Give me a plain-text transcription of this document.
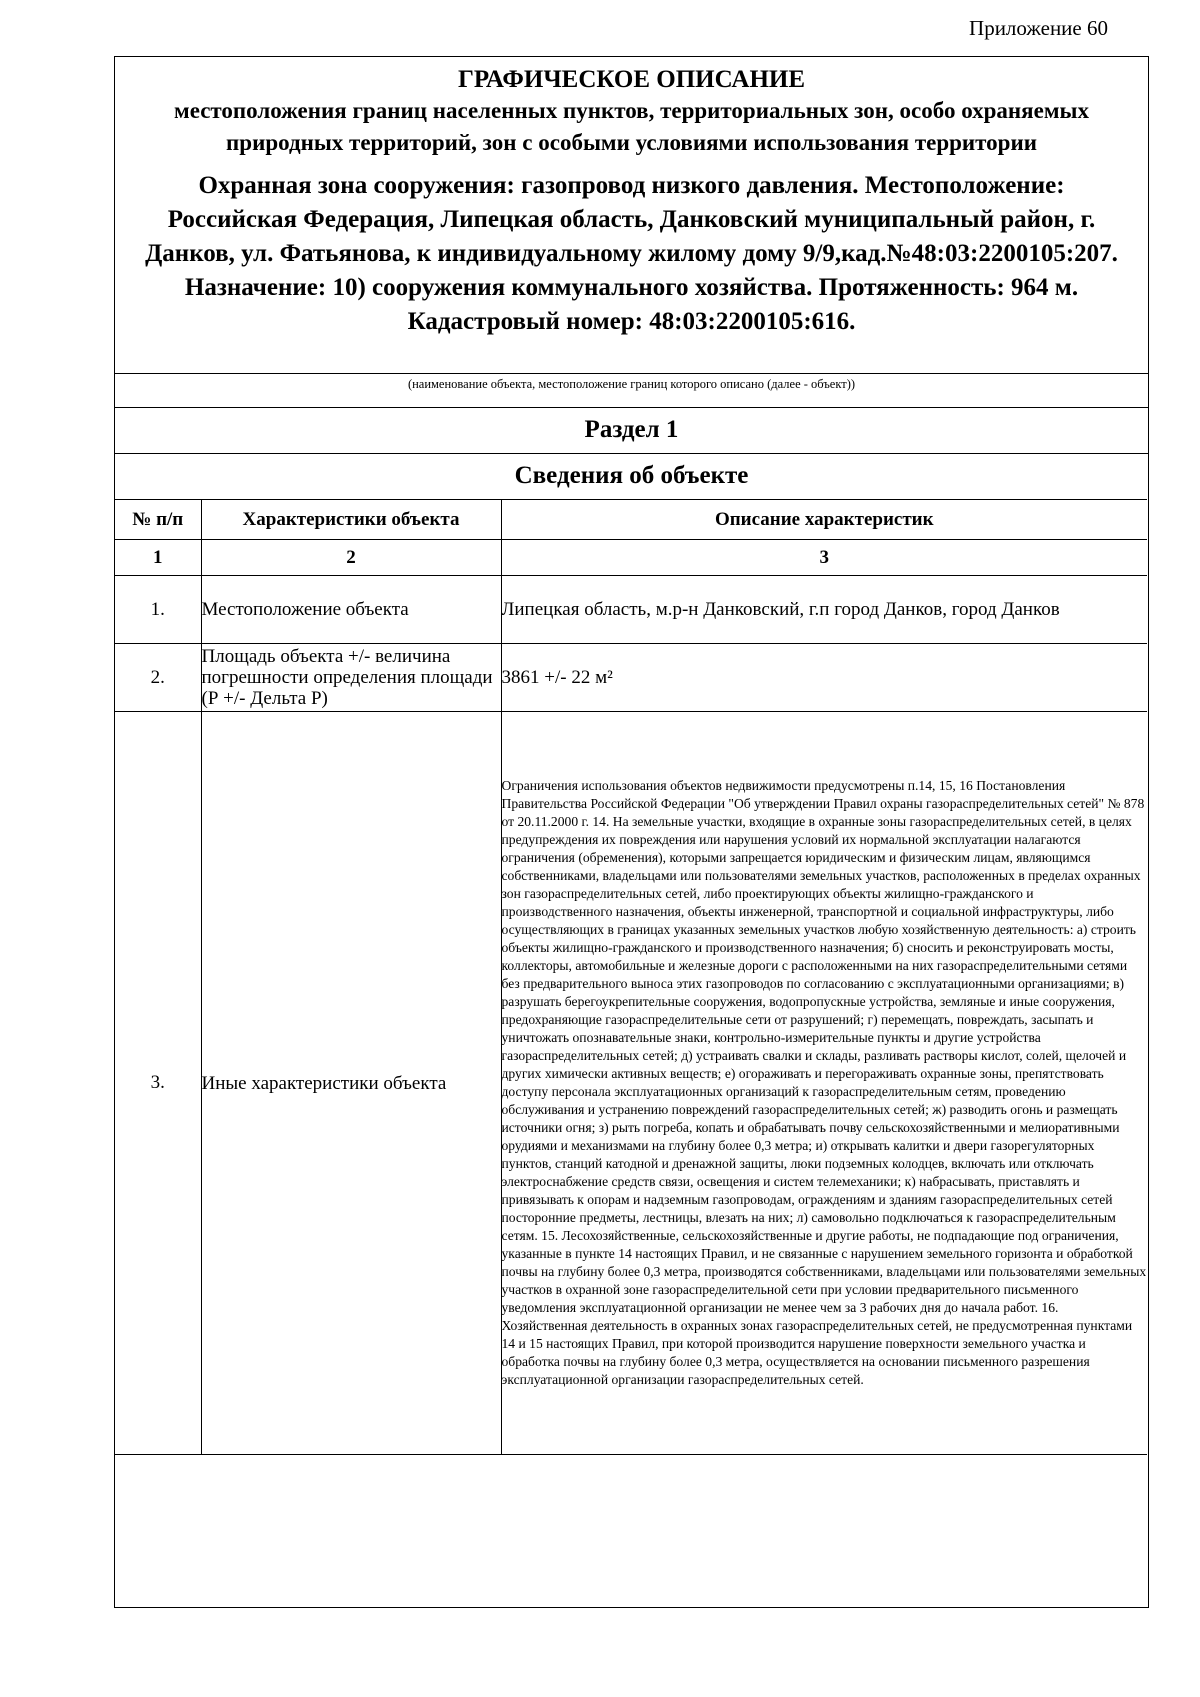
Приложение 60

ГРАФИЧЕСКОЕ ОПИСАНИЕ

местоположения границ населенных пунктов, территориальных зон, особо охраняемых природных территорий, зон с особыми условиями использования территории

Охранная зона сооружения: газопровод низкого давления. Местоположение: Российская Федерация, Липецкая область, Данковский муниципальный район, г. Данков, ул. Фатьянова, к индивидуальному жилому дому 9/9,кад.№48:03:2200105:207. Назначение: 10) сооружения коммунального хозяйства. Протяженность: 964 м. Кадастровый номер: 48:03:2200105:616.

(наименование объекта, местоположение границ которого описано (далее - объект))
Раздел 1
Сведения об объекте
№ п/п	Характеристики объекта	Описание характеристик
1	2	3
1.	Местоположение объекта	Липецкая область, м.р-н Данковский, г.п город Данков, город Данков
2.	Площадь объекта +/- величина погрешности определения площади (Р +/- Дельта Р)	3861 +/- 22 м²
3.	Иные характеристики объекта	Ограничения использования объектов недвижимости предусмотрены п.14, 15, 16 Постановления Правительства Российской Федерации "Об утверждении Правил охраны газораспределительных сетей" № 878 от 20.11.2000 г. 14. На земельные участки, входящие в охранные зоны газораспределительных сетей, в целях предупреждения их повреждения или нарушения условий их нормальной эксплуатации налагаются ограничения (обременения), которыми запрещается юридическим и физическим лицам, являющимся собственниками, владельцами или пользователями земельных участков, расположенных в пределах охранных зон газораспределительных сетей, либо проектирующих объекты жилищно-гражданского и производственного назначения, объекты инженерной, транспортной и социальной инфраструктуры, либо осуществляющих в границах указанных земельных участков любую хозяйственную деятельность: а) строить объекты жилищно-гражданского и производственного назначения; б) сносить и реконструировать мосты, коллекторы, автомобильные и железные дороги с расположенными на них газораспределительными сетями без предварительного выноса этих газопроводов по согласованию с эксплуатационными организациями; в) разрушать берегоукрепительные сооружения, водопропускные устройства, земляные и иные сооружения, предохраняющие газораспределительные сети от разрушений; г) перемещать, повреждать, засыпать и уничтожать опознавательные знаки, контрольно-измерительные пункты и другие устройства газораспределительных сетей; д) устраивать свалки и склады, разливать растворы кислот, солей, щелочей и других химически активных веществ; е) огораживать и перегораживать охранные зоны, препятствовать доступу персонала эксплуатационных организаций к газораспределительным сетям, проведению обслуживания и устранению повреждений газораспределительных сетей; ж) разводить огонь и размещать источники огня; з) рыть погреба, копать и обрабатывать почву сельскохозяйственными и мелиоративными орудиями и механизмами на глубину более 0,3 метра; и) открывать калитки и двери газорегуляторных пунктов, станций катодной и дренажной защиты, люки подземных колодцев, включать или отключать электроснабжение средств связи, освещения и систем телемеханики; к) набрасывать, приставлять и привязывать к опорам и надземным газопроводам, ограждениям и зданиям газораспределительных сетей посторонние предметы, лестницы, влезать на них; л) самовольно подключаться к газораспределительным сетям. 15. Лесохозяйственные, сельскохозяйственные и другие работы, не подпадающие под ограничения, указанные в пункте 14 настоящих Правил, и не связанные с нарушением земельного горизонта и обработкой почвы на глубину более 0,3 метра, производятся собственниками, владельцами или пользователями земельных участков в охранной зоне газораспределительной сети при условии предварительного письменного уведомления эксплуатационной организации не менее чем за 3 рабочих дня до начала работ. 16. Хозяйственная деятельность в охранных зонах газораспределительных сетей, не предусмотренная пунктами 14 и 15 настоящих Правил, при которой производится нарушение поверхности земельного участка и обработка почвы на глубину более 0,3 метра, осуществляется на основании письменного разрешения эксплуатационной организации газораспределительных сетей.
